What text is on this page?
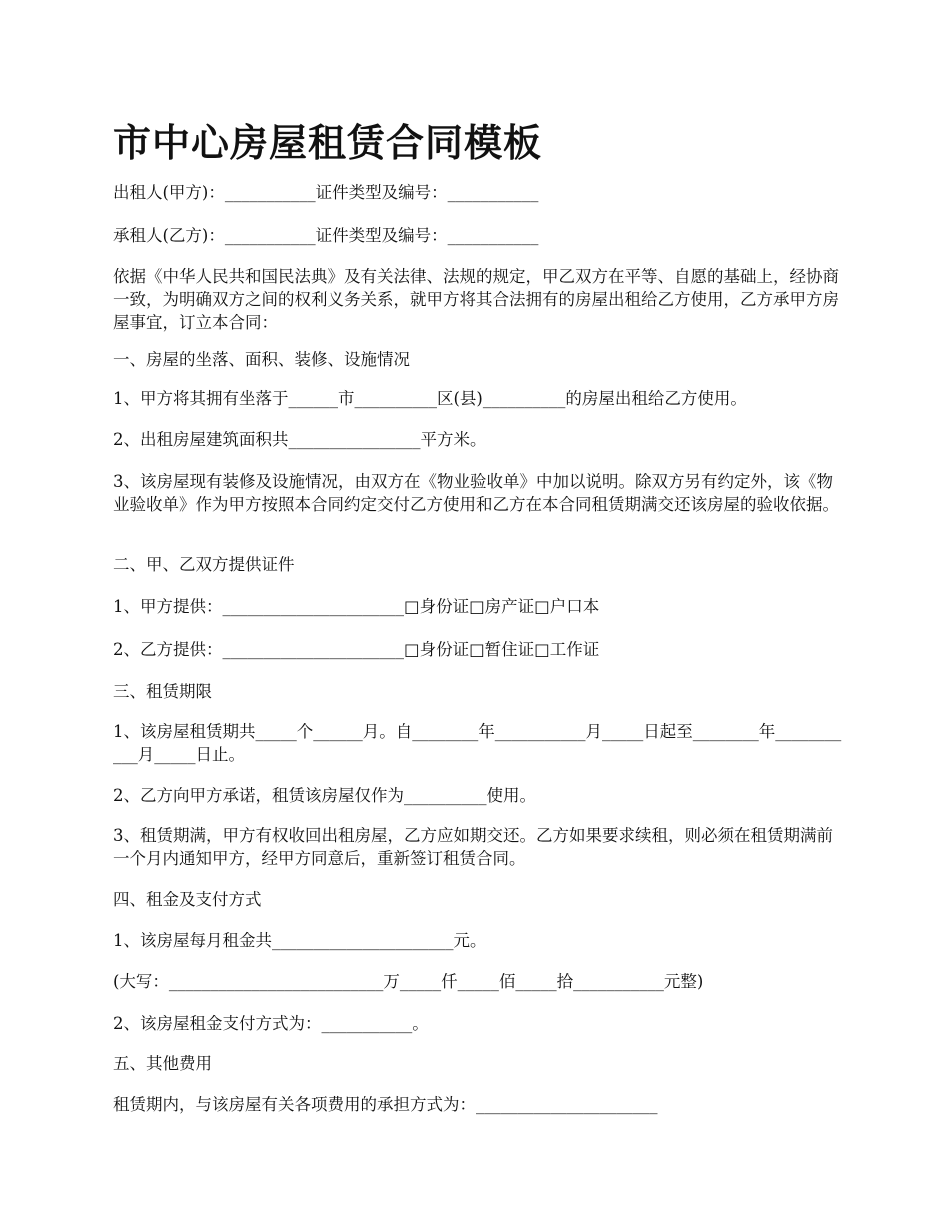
市中心房屋租赁合同模板

出租人(甲方)：___________证件类型及编号：___________

承租人(乙方)：___________证件类型及编号：___________

依据《中华人民共和国民法典》及有关法律、法规的规定，甲乙双方在平等、自愿的基础上，经协商一致，为明确双方之间的权利义务关系，就甲方将其合法拥有的房屋出租给乙方使用，乙方承甲方房屋事宜，订立本合同：

一、房屋的坐落、面积、装修、设施情况

1、甲方将其拥有坐落于______市__________区(县)__________的房屋出租给乙方使用。

2、出租房屋建筑面积共________________平方米。

3、该房屋现有装修及设施情况，由双方在《物业验收单》中加以说明。除双方另有约定外，该《物业验收单》作为甲方按照本合同约定交付乙方使用和乙方在本合同租赁期满交还该房屋的验收依据。

二、甲、乙双方提供证件

1、甲方提供：______________________□身份证□房产证□户口本

2、乙方提供：______________________□身份证□暂住证□工作证

三、租赁期限

1、该房屋租赁期共_____个______月。自________年___________月_____日起至________年___________月_____日止。

2、乙方向甲方承诺，租赁该房屋仅作为__________使用。

3、租赁期满，甲方有权收回出租房屋，乙方应如期交还。乙方如果要求续租，则必须在租赁期满前一个月内通知甲方，经甲方同意后，重新签订租赁合同。

四、租金及支付方式

1、该房屋每月租金共______________________元。

(大写：__________________________万_____仟_____佰_____拾___________元整)

2、该房屋租金支付方式为：___________。

五、其他费用

租赁期内，与该房屋有关各项费用的承担方式为：______________________
